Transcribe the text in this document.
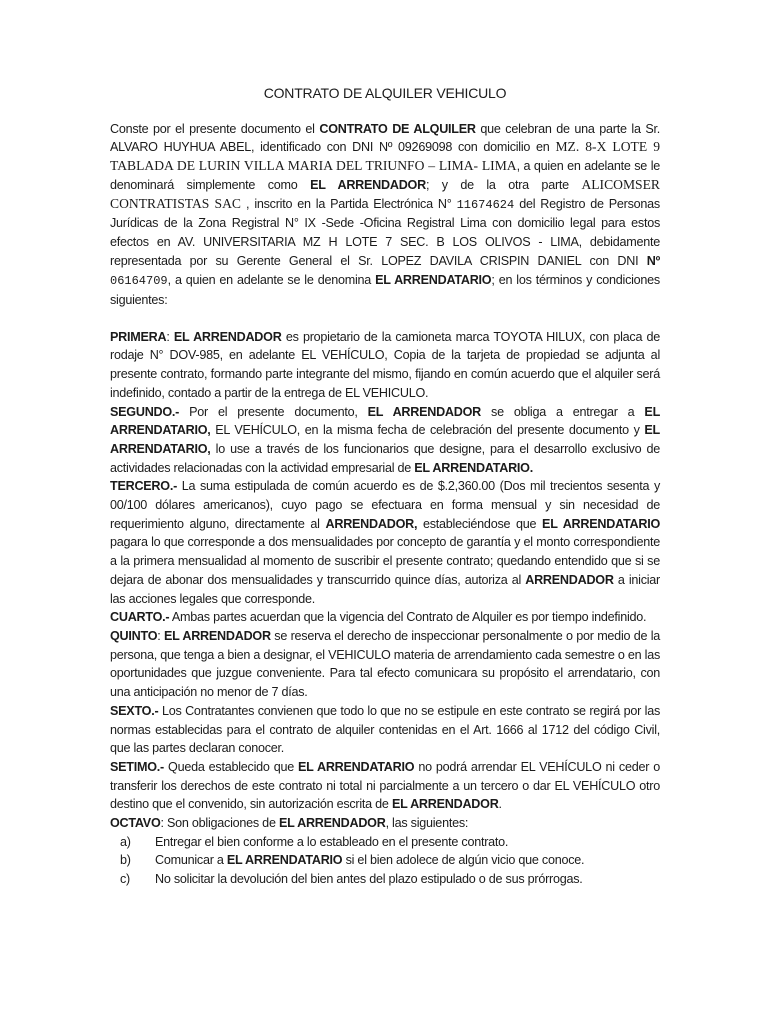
CONTRATO DE ALQUILER VEHICULO

Conste por el presente documento el CONTRATO DE ALQUILER que celebran de una parte la Sr. ALVARO HUYHUA ABEL, identificado con DNI Nº 09269098 con domicilio en MZ. 8-X LOTE 9 TABLADA DE LURIN VILLA MARIA DEL TRIUNFO – LIMA- LIMA, a quien en adelante se le denominará simplemente como EL ARRENDADOR; y de la otra parte ALICOMSER CONTRATISTAS SAC , inscrito en la Partida Electrónica N° 11674624 del Registro de Personas Jurídicas de la Zona Registral N° IX -Sede -Oficina Registral Lima con domicilio legal para estos efectos en AV. UNIVERSITARIA MZ H LOTE 7 SEC. B LOS OLIVOS - LIMA, debidamente representada por su Gerente General el Sr. LOPEZ DAVILA CRISPIN DANIEL con DNI Nº 06164709, a quien en adelante se le denomina EL ARRENDATARIO; en los términos y condiciones siguientes:

PRIMERA: EL ARRENDADOR es propietario de la camioneta marca TOYOTA HILUX, con placa de rodaje N° DOV-985, en adelante EL VEHÍCULO, Copia de la tarjeta de propiedad se adjunta al presente contrato, formando parte integrante del mismo, fijando en común acuerdo que el alquiler será indefinido, contado a partir de la entrega de EL VEHICULO.

SEGUNDO.- Por el presente documento, EL ARRENDADOR se obliga a entregar a EL ARRENDATARIO, EL VEHÍCULO, en la misma fecha de celebración del presente documento y EL ARRENDATARIO, lo use a través de los funcionarios que designe, para el desarrollo exclusivo de actividades relacionadas con la actividad empresarial de EL ARRENDATARIO.

TERCERO.- La suma estipulada de común acuerdo es de $.2,360.00 (Dos mil trecientos sesenta y 00/100 dólares americanos), cuyo pago se efectuara en forma mensual y sin necesidad de requerimiento alguno, directamente al ARRENDADOR, estableciéndose que EL ARRENDATARIO pagara lo que corresponde a dos mensualidades por concepto de garantía y el monto correspondiente a la primera mensualidad al momento de suscribir el presente contrato; quedando entendido que si se dejara de abonar dos mensualidades y transcurrido quince días, autoriza al ARRENDADOR a iniciar las acciones legales que corresponde.

CUARTO.- Ambas partes acuerdan que la vigencia del Contrato de Alquiler es por tiempo indefinido.

QUINTO: EL ARRENDADOR se reserva el derecho de inspeccionar personalmente o por medio de la persona, que tenga a bien a designar, el VEHICULO materia de arrendamiento cada semestre o en las oportunidades que juzgue conveniente. Para tal efecto comunicara su propósito el arrendatario, con una anticipación no menor de 7 días.

SEXTO.- Los Contratantes convienen que todo lo que no se estipule en este contrato se regirá por las normas establecidas para el contrato de alquiler contenidas en el Art. 1666 al 1712 del código Civil, que las partes declaran conocer.

SETIMO.- Queda establecido que EL ARRENDATARIO no podrá arrendar EL VEHÍCULO ni ceder o transferir los derechos de este contrato ni total ni parcialmente a un tercero o dar EL VEHÍCULO otro destino que el convenido, sin autorización escrita de EL ARRENDADOR.

OCTAVO: Son obligaciones de EL ARRENDADOR, las siguientes:

a) Entregar el bien conforme a lo estableado en el presente contrato.
b) Comunicar a EL ARRENDATARIO si el bien adolece de algún vicio que conoce.
c) No solicitar la devolución del bien antes del plazo estipulado o de sus prórrogas.
